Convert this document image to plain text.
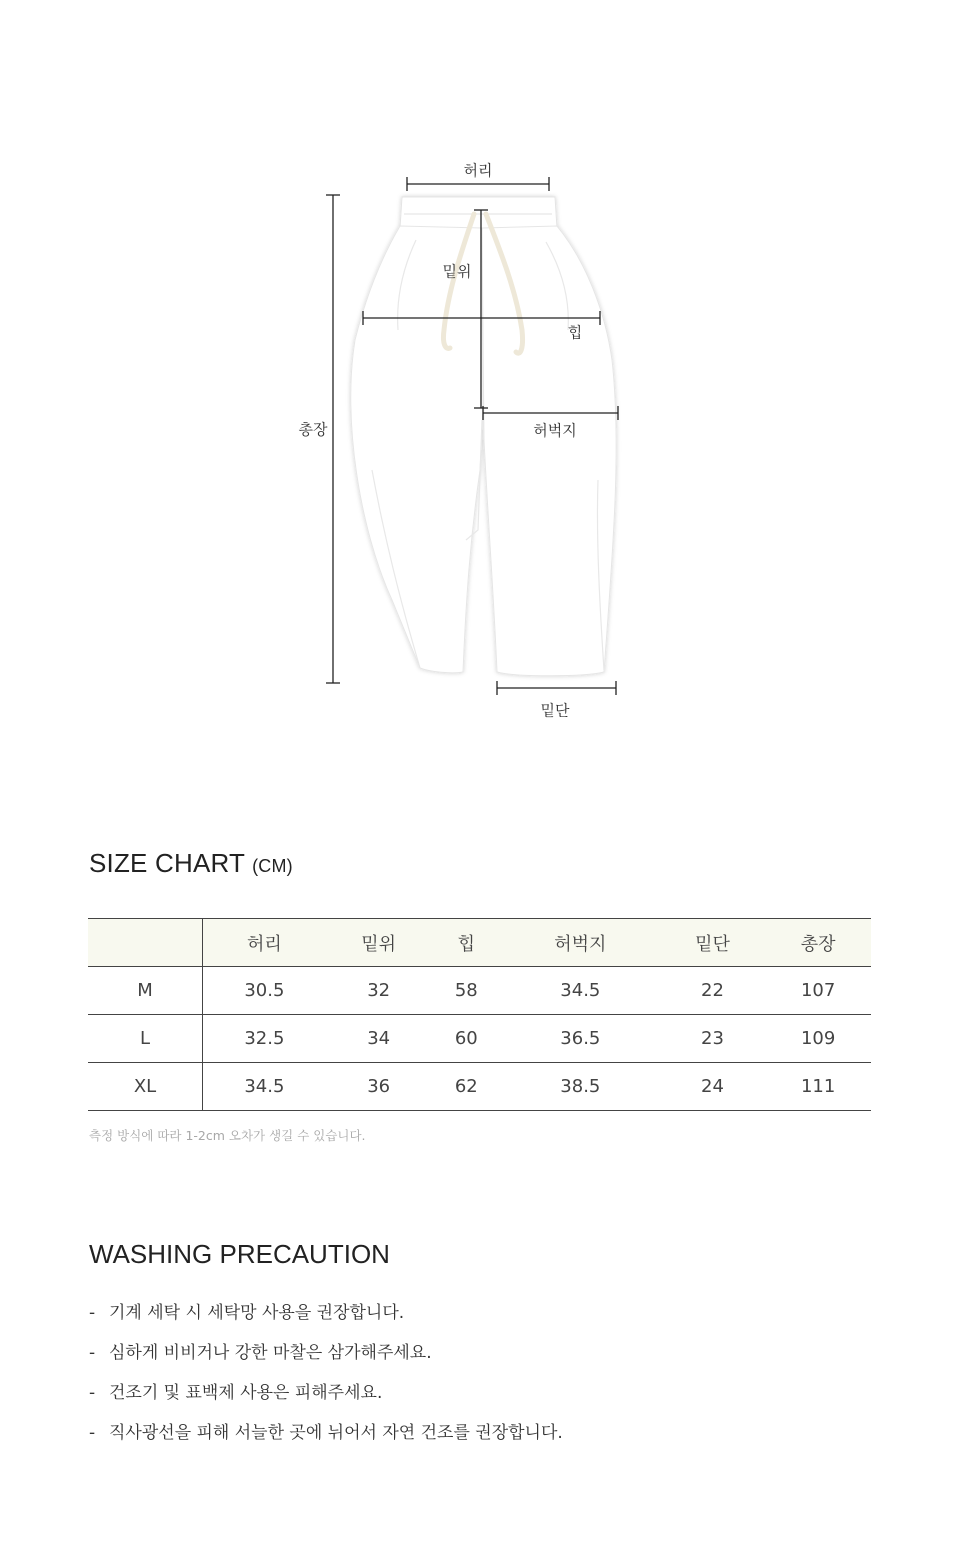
허리
밑위
힙
허벅지
밑단
총장
SIZE CHART (CM)
	허리	밑위	힙	허벅지	밑단	총장
M	30.5	32	58	34.5	22	107
L	32.5	34	60	36.5	23	109
XL	34.5	36	62	38.5	24	111
측정 방식에 따라 1-2cm 오차가 생길 수 있습니다.
WASHING PRECAUTION
- 기계 세탁 시 세탁망 사용을 권장합니다.
- 심하게 비비거나 강한 마찰은 삼가해주세요.
- 건조기 및 표백제 사용은 피해주세요.
- 직사광선을 피해 서늘한 곳에 뉘어서 자연 건조를 권장합니다.
